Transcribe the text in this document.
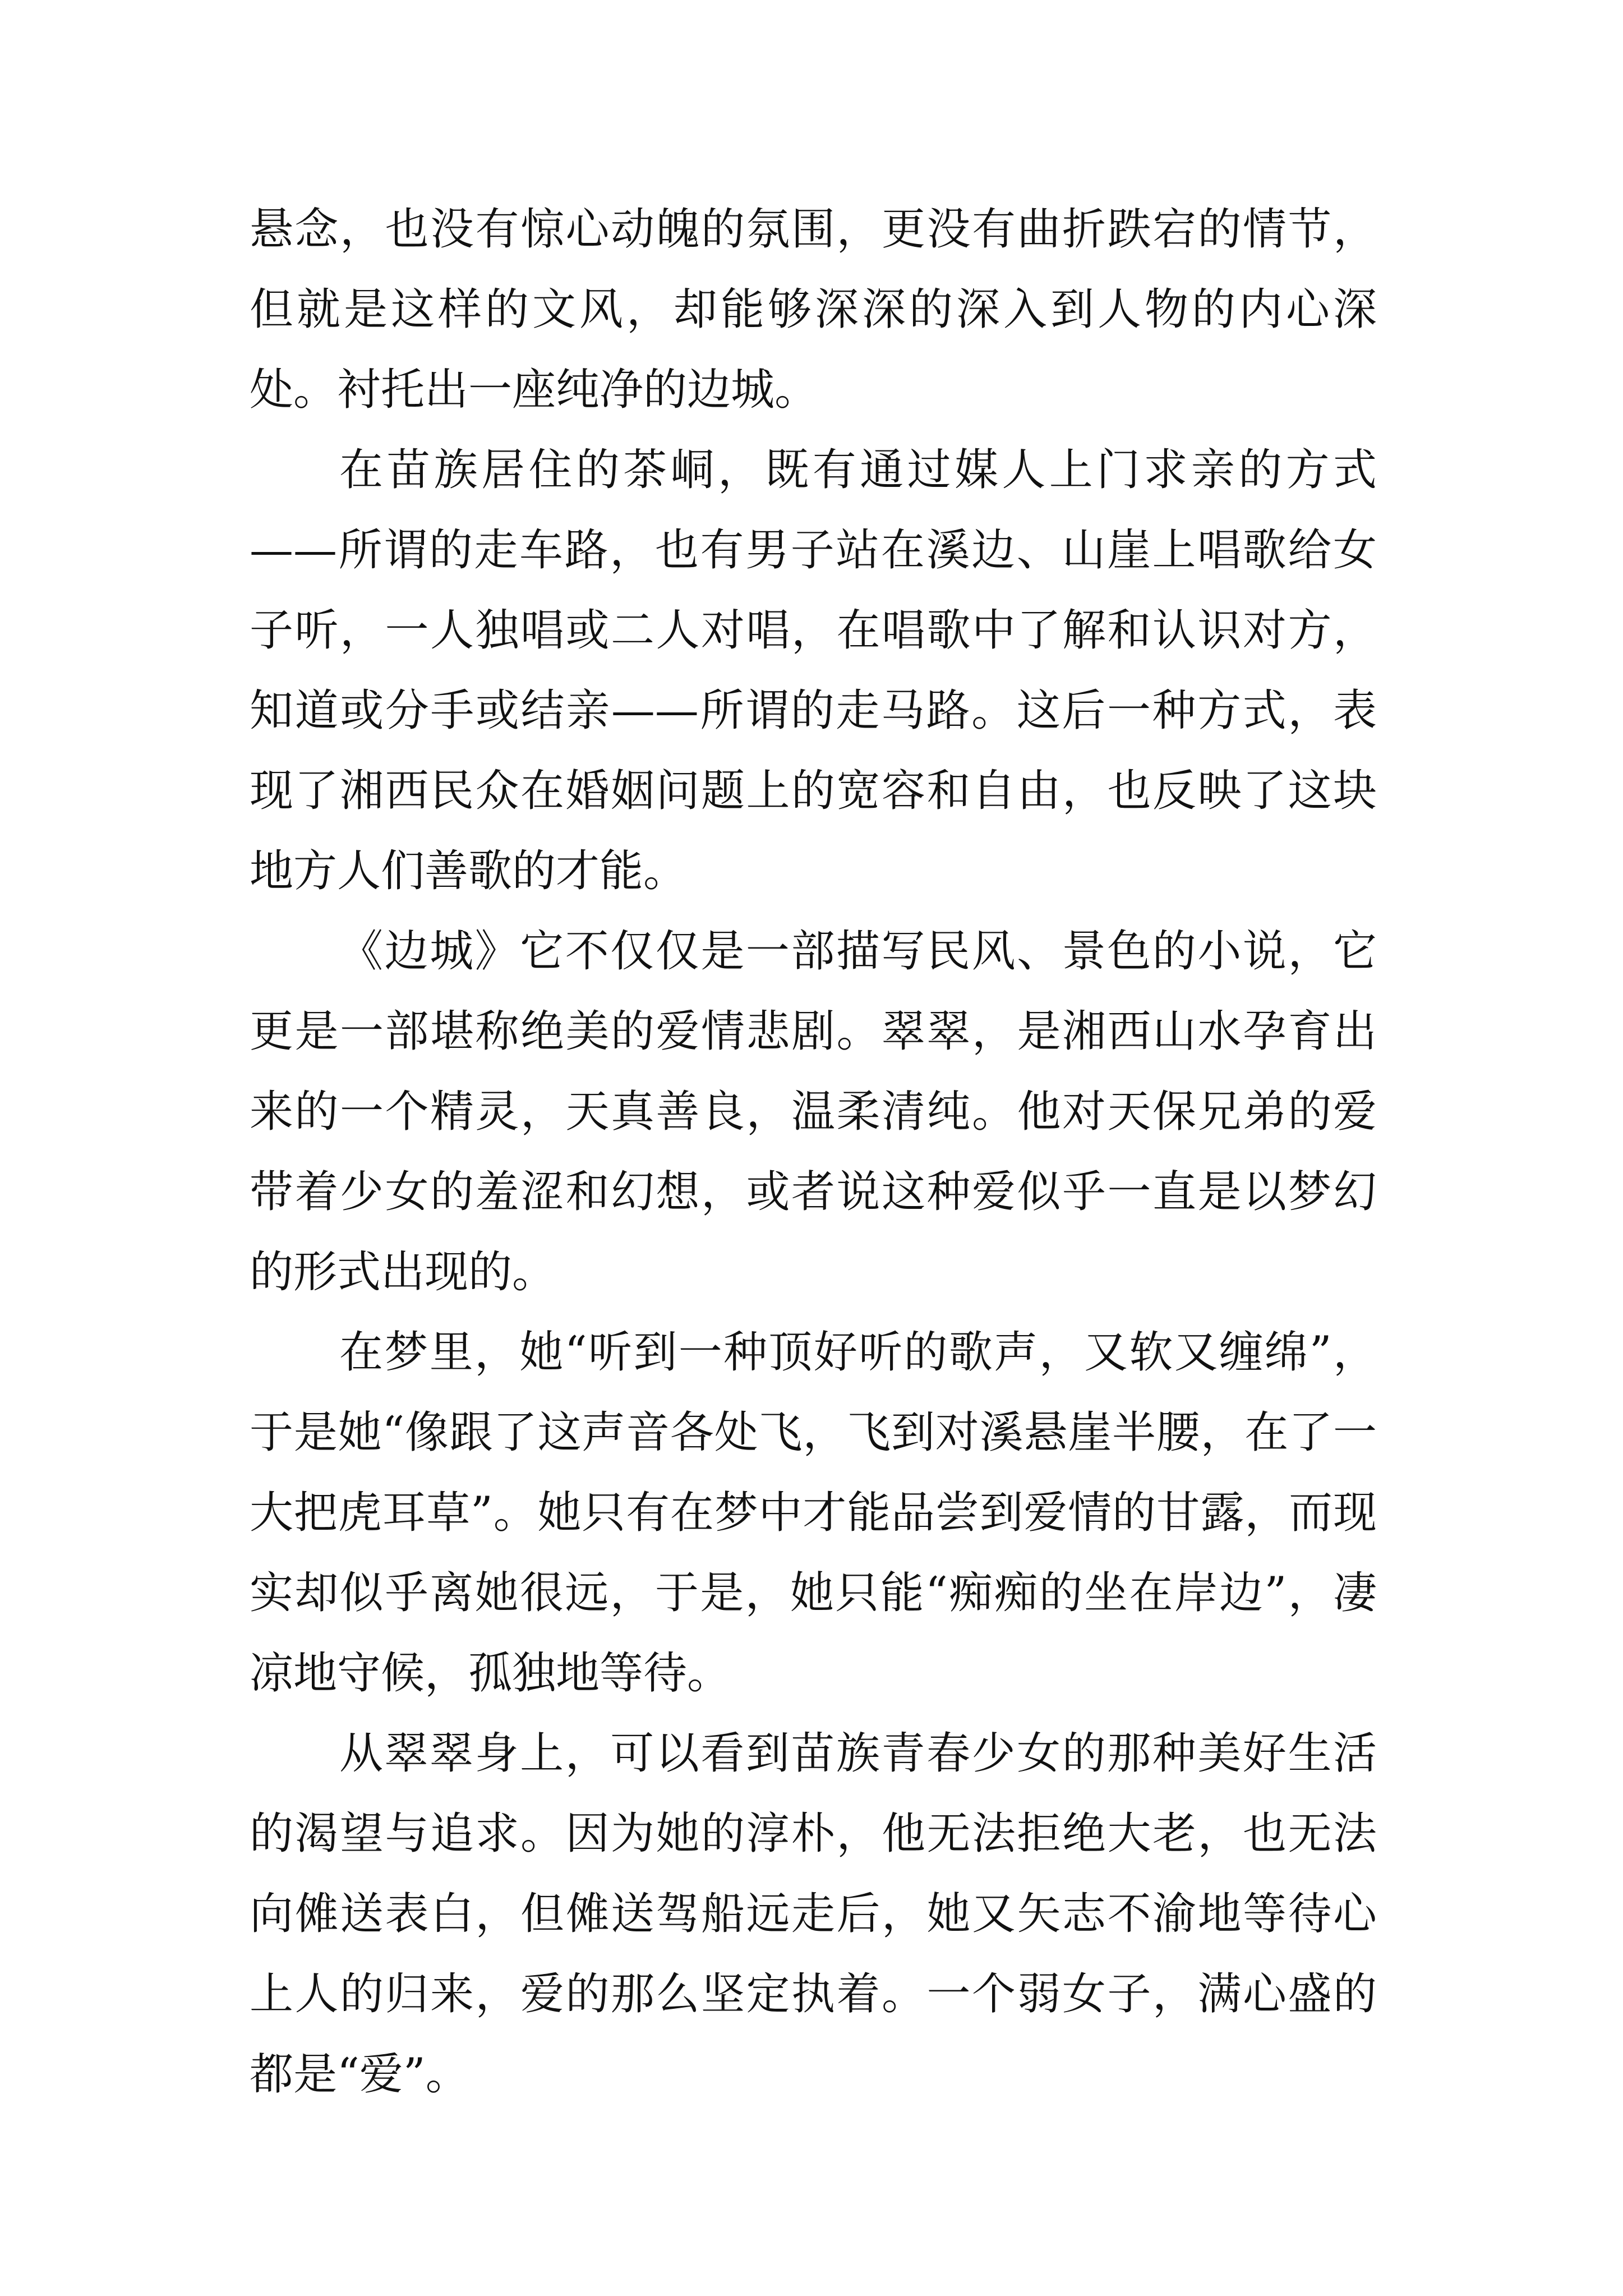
悬念，也没有惊心动魄的氛围，更没有曲折跌宕的情节，但就是这样的文风，却能够深深的深入到人物的内心深处。衬托出一座纯净的边城。

在苗族居住的茶峒，既有通过媒人上门求亲的方式——所谓的走车路，也有男子站在溪边、山崖上唱歌给女子听，一人独唱或二人对唱，在唱歌中了解和认识对方，知道或分手或结亲——所谓的走马路。这后一种方式，表现了湘西民众在婚姻问题上的宽容和自由，也反映了这块地方人们善歌的才能。

《边城》它不仅仅是一部描写民风、景色的小说，它更是一部堪称绝美的爱情悲剧。翠翠，是湘西山水孕育出来的一个精灵，天真善良，温柔清纯。他对天保兄弟的爱带着少女的羞涩和幻想，或者说这种爱似乎一直是以梦幻的形式出现的。

在梦里，她“听到一种顶好听的歌声，又软又缠绵”，于是她“像跟了这声音各处飞，飞到对溪悬崖半腰，在了一大把虎耳草”。她只有在梦中才能品尝到爱情的甘露，而现实却似乎离她很远，于是，她只能“痴痴的坐在岸边”，凄凉地守候，孤独地等待。

从翠翠身上，可以看到苗族青春少女的那种美好生活的渴望与追求。因为她的淳朴，他无法拒绝大老，也无法向傩送表白，但傩送驾船远走后，她又矢志不渝地等待心上人的归来，爱的那么坚定执着。一个弱女子，满心盛的都是“爱”。
